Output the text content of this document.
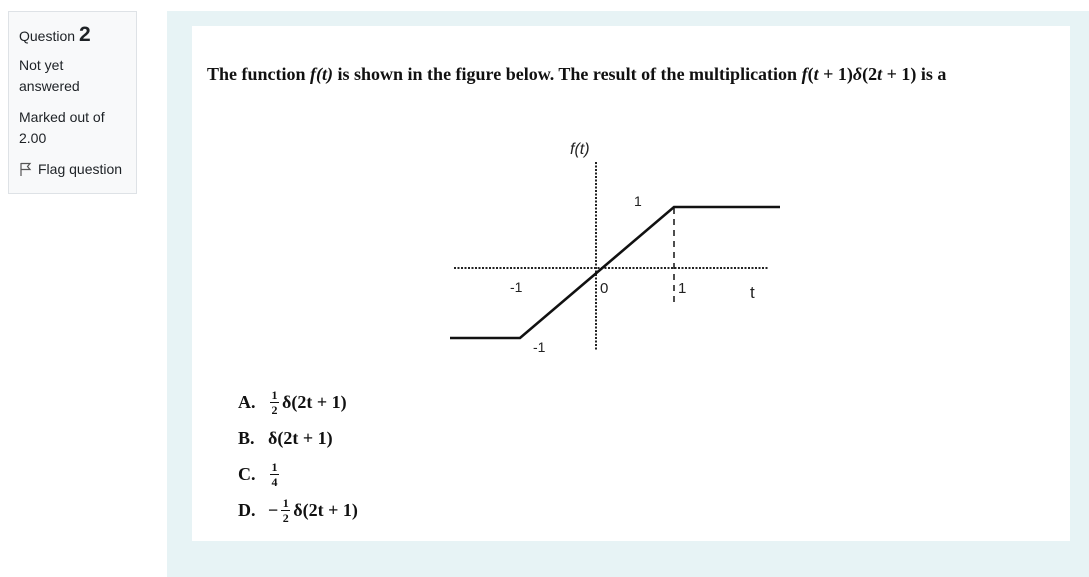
Question 2
Not yet answered
Marked out of 2.00
Flag question
The function f(t) is shown in the figure below. The result of the multiplication f(t + 1)δ(2t + 1) is a
f(t)
t
-1	0	1
1
-1
A.	$\frac{1}{2} \delta(2t + 1)$
B. δ(2t + 1)
C.	$\frac{1}{4}$
D. − $\frac{1}{2} \delta(2t + 1)$
